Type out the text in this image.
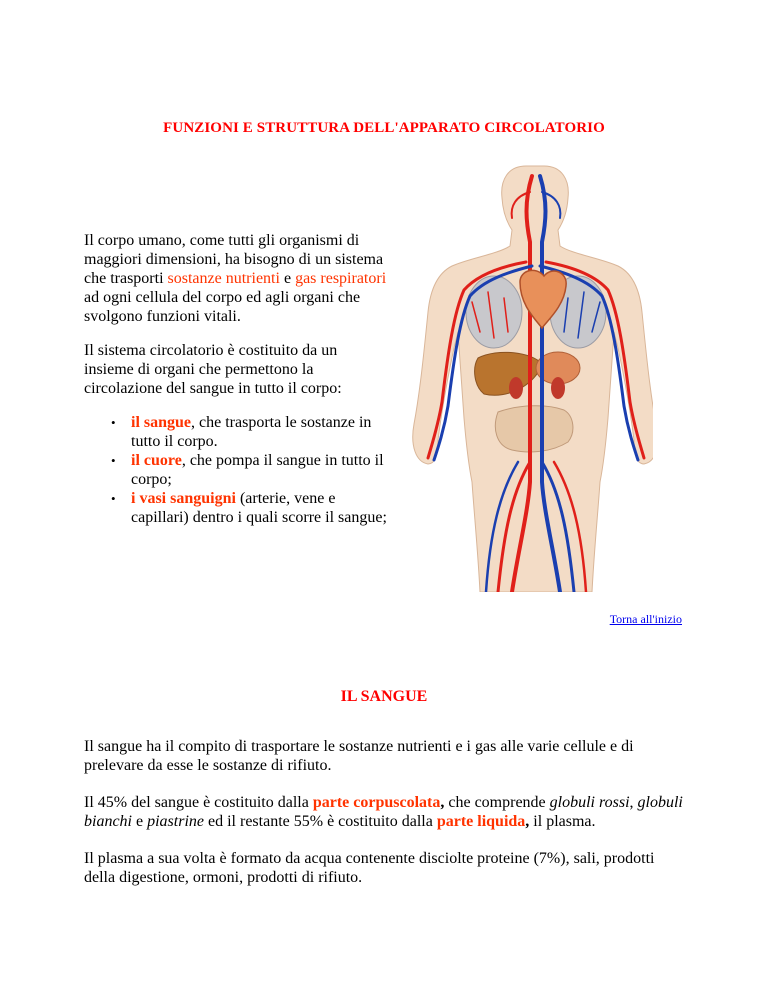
FUNZIONI E STRUTTURA DELL'APPARATO CIRCOLATORIO

Il corpo umano, come tutti gli organismi di maggiori dimensioni, ha bisogno di un sistema che trasporti sostanze nutrienti e gas respiratori ad ogni cellula del corpo ed agli organi che svolgono funzioni vitali.

Il sistema circolatorio è costituito da un insieme di organi che permettono la circolazione del sangue in tutto il corpo:

• il sangue, che trasporta le sostanze in tutto il corpo.
• il cuore, che pompa il sangue in tutto il corpo;
• i vasi sanguigni (arterie, vene e capillari) dentro i quali scorre il sangue;
Torna all'inizio
IL SANGUE

Il sangue ha il compito di trasportare le sostanze nutrienti e i gas alle varie cellule e di prelevare da esse le sostanze di rifiuto.

Il 45% del sangue è costituito dalla parte corpuscolata, che comprende globuli rossi, globuli bianchi e piastrine ed il restante 55% è costituito dalla parte liquida, il plasma.

Il plasma a sua volta è formato da acqua contenente disciolte proteine (7%), sali, prodotti della digestione, ormoni, prodotti di rifiuto.
